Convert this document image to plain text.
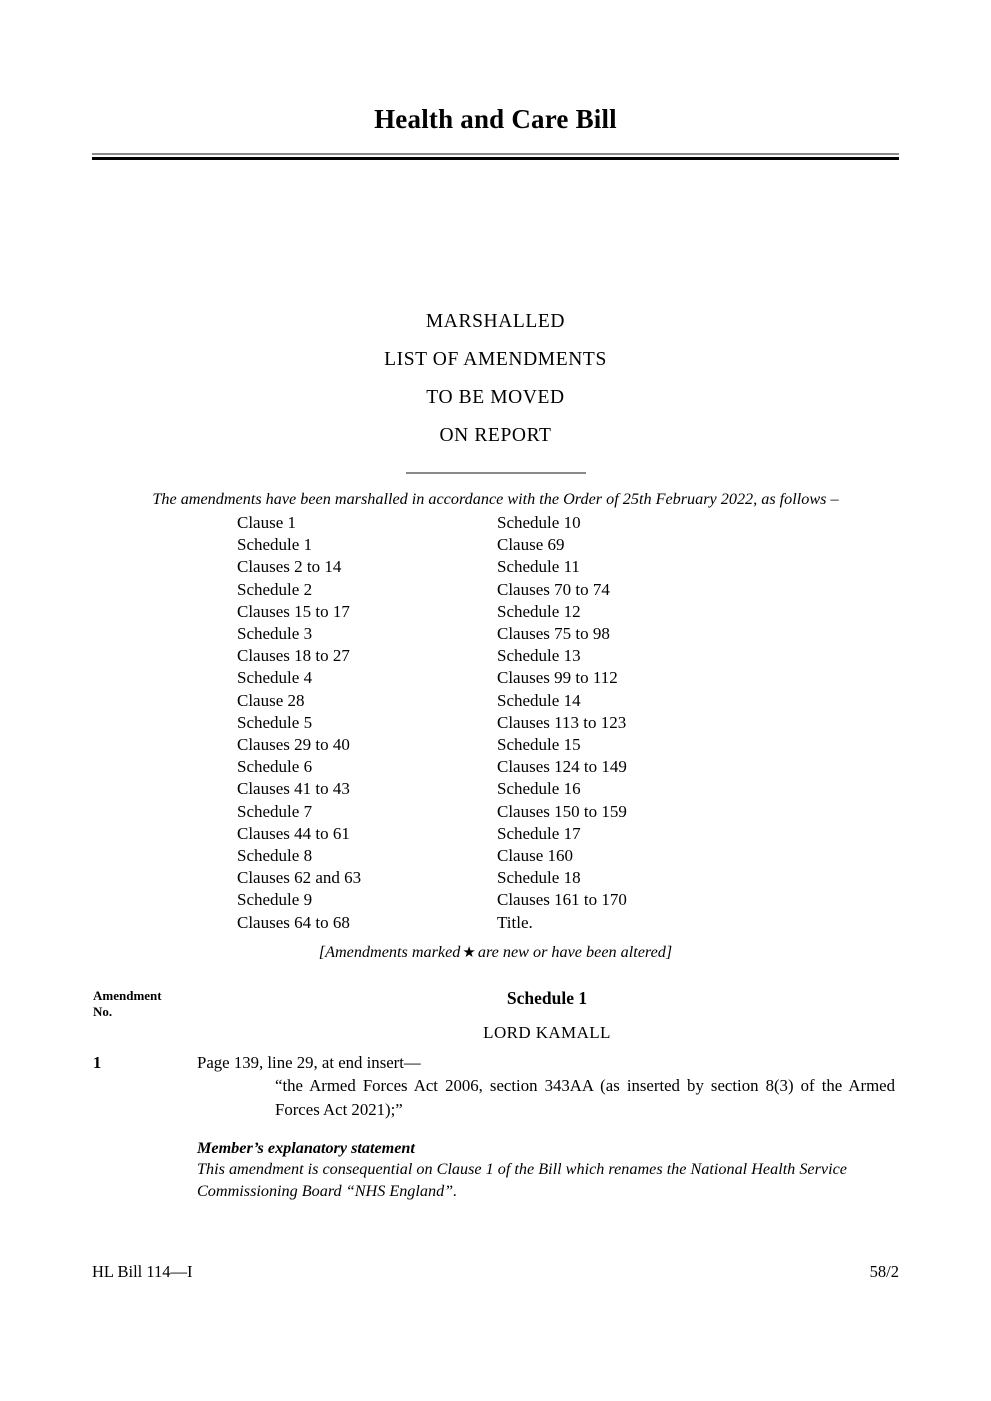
Health and Care Bill
MARSHALLED
LIST OF AMENDMENTS
TO BE MOVED
ON REPORT
The amendments have been marshalled in accordance with the Order of 25th February 2022, as follows –
Clause 1
Schedule 1
Clauses 2 to 14
Schedule 2
Clauses 15 to 17
Schedule 3
Clauses 18 to 27
Schedule 4
Clause 28
Schedule 5
Clauses 29 to 40
Schedule 6
Clauses 41 to 43
Schedule 7
Clauses 44 to 61
Schedule 8
Clauses 62 and 63
Schedule 9
Clauses 64 to 68
Schedule 10
Clause 69
Schedule 11
Clauses 70 to 74
Schedule 12
Clauses 75 to 98
Schedule 13
Clauses 99 to 112
Schedule 14
Clauses 113 to 123
Schedule 15
Clauses 124 to 149
Schedule 16
Clauses 150 to 159
Schedule 17
Clause 160
Schedule 18
Clauses 161 to 170
Title.
[Amendments marked ★ are new or have been altered]
Amendment
No.
Schedule 1
LORD KAMALL
1	Page 139, line 29, at end insert—

“the Armed Forces Act 2006, section 343AA (as inserted by section 8(3) of the Armed Forces Act 2021);”

Member’s explanatory statement
This amendment is consequential on Clause 1 of the Bill which renames the National Health Service Commissioning Board “NHS England”.
HL Bill 114—I	58/2
